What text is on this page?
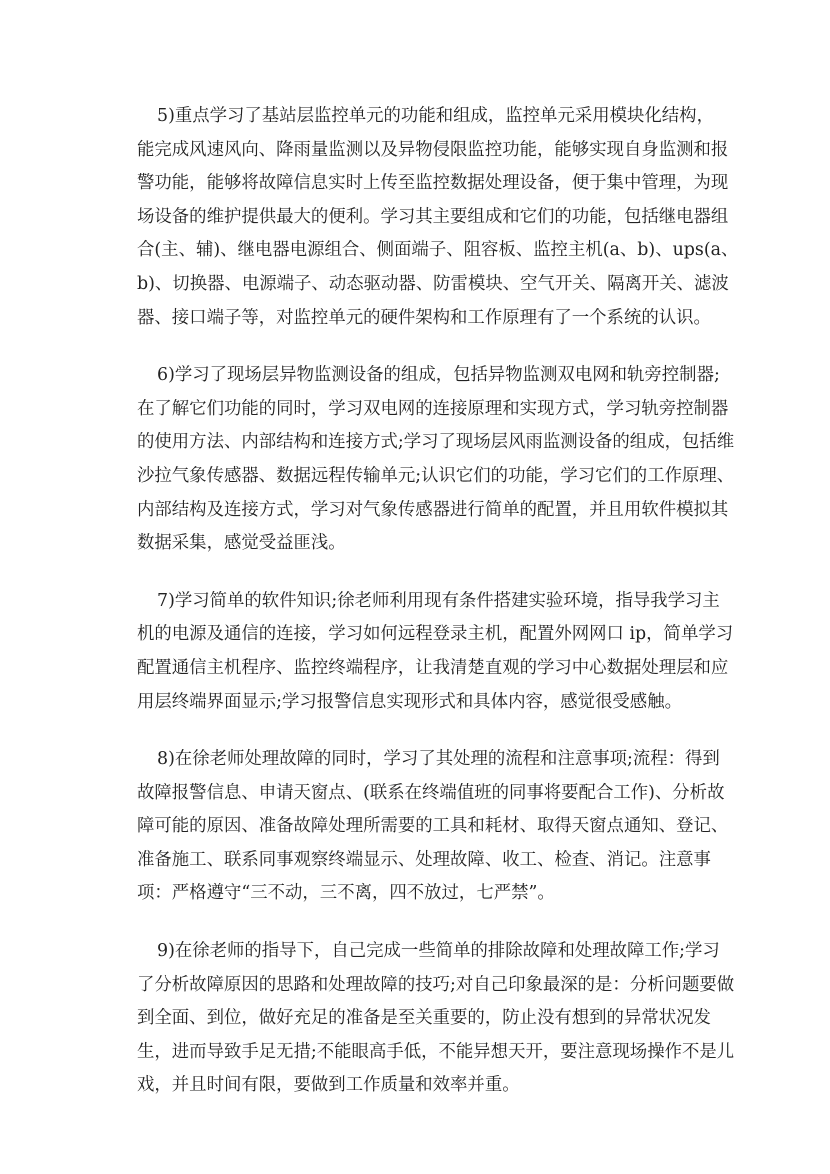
5)重点学习了基站层监控单元的功能和组成，监控单元采用模块化结构，
能完成风速风向、降雨量监测以及异物侵限监控功能，能够实现自身监测和报
警功能，能够将故障信息实时上传至监控数据处理设备，便于集中管理，为现
场设备的维护提供最大的便利。学习其主要组成和它们的功能，包括继电器组
合(主、辅)、继电器电源组合、侧面端子、阻容板、监控主机(a、b)、ups(a、
b)、切换器、电源端子、动态驱动器、防雷模块、空气开关、隔离开关、滤波
器、接口端子等，对监控单元的硬件架构和工作原理有了一个系统的认识。
6)学习了现场层异物监测设备的组成，包括异物监测双电网和轨旁控制器;
在了解它们功能的同时，学习双电网的连接原理和实现方式，学习轨旁控制器
的使用方法、内部结构和连接方式;学习了现场层风雨监测设备的组成，包括维
沙拉气象传感器、数据远程传输单元;认识它们的功能，学习它们的工作原理、
内部结构及连接方式，学习对气象传感器进行简单的配置，并且用软件模拟其
数据采集，感觉受益匪浅。
7)学习简单的软件知识;徐老师利用现有条件搭建实验环境，指导我学习主
机的电源及通信的连接，学习如何远程登录主机，配置外网网口 ip，简单学习
配置通信主机程序、监控终端程序，让我清楚直观的学习中心数据处理层和应
用层终端界面显示;学习报警信息实现形式和具体内容，感觉很受感触。
8)在徐老师处理故障的同时，学习了其处理的流程和注意事项;流程：得到
故障报警信息、申请天窗点、(联系在终端值班的同事将要配合工作)、分析故
障可能的原因、准备故障处理所需要的工具和耗材、取得天窗点通知、登记、
准备施工、联系同事观察终端显示、处理故障、收工、检查、消记。注意事
项：严格遵守“三不动，三不离，四不放过，七严禁”。
9)在徐老师的指导下，自己完成一些简单的排除故障和处理故障工作;学习
了分析故障原因的思路和处理故障的技巧;对自己印象最深的是：分析问题要做
到全面、到位，做好充足的准备是至关重要的，防止没有想到的异常状况发
生，进而导致手足无措;不能眼高手低，不能异想天开，要注意现场操作不是儿
戏，并且时间有限，要做到工作质量和效率并重。
